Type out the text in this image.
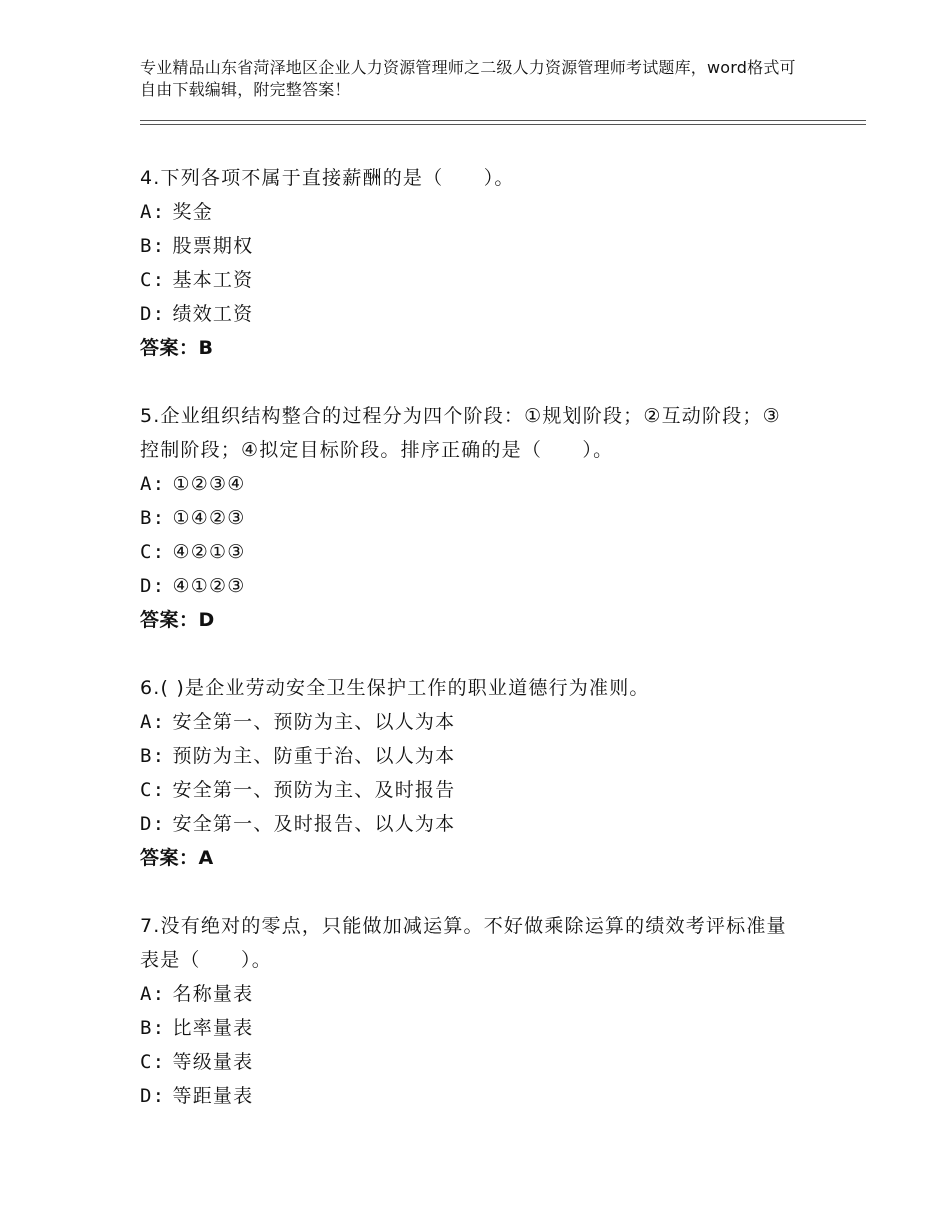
专业精品山东省菏泽地区企业人力资源管理师之二级人力资源管理师考试题库，word格式可自由下载编辑，附完整答案！
4.下列各项不属于直接薪酬的是（　　）。
A: 奖金
B: 股票期权
C: 基本工资
D: 绩效工资
答案：B
5.企业组织结构整合的过程分为四个阶段：①规划阶段；②互动阶段；③控制阶段；④拟定目标阶段。排序正确的是（　　）。
A: ①②③④
B: ①④②③
C: ④②①③
D: ④①②③
答案：D
6.( )是企业劳动安全卫生保护工作的职业道德行为准则。
A: 安全第一、预防为主、以人为本
B: 预防为主、防重于治、以人为本
C: 安全第一、预防为主、及时报告
D: 安全第一、及时报告、以人为本
答案：A
7.没有绝对的零点，只能做加减运算。不好做乘除运算的绩效考评标准量表是（　　）。
A: 名称量表
B: 比率量表
C: 等级量表
D: 等距量表
